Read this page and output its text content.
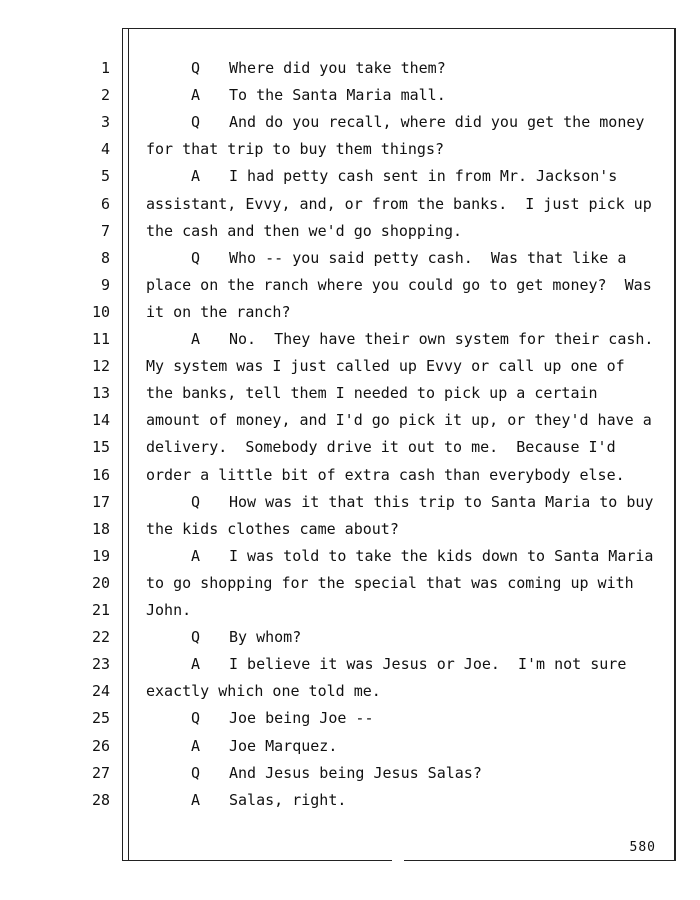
1	Q Where did you take them?
2	A To the Santa Maria mall.
3	Q And do you recall, where did you get the money
4 for that trip to buy them things?
5	A I had petty cash sent in from Mr. Jackson's
6 assistant, Evvy, and, or from the banks.  I just pick up
7 the cash and then we'd go shopping.
8	Q Who -- you said petty cash.  Was that like a
9 place on the ranch where you could go to get money?  Was
10 it on the ranch?
11	A No.  They have their own system for their cash.
12 My system was I just called up Evvy or call up one of
13 the banks, tell them I needed to pick up a certain
14 amount of money, and I'd go pick it up, or they'd have a
15 delivery.  Somebody drive it out to me.  Because I'd
16 order a little bit of extra cash than everybody else.
17	Q How was it that this trip to Santa Maria to buy
18 the kids clothes came about?
19	A I was told to take the kids down to Santa Maria
20 to go shopping for the special that was coming up with
21 John.
22	Q By whom?
23	A I believe it was Jesus or Joe.  I'm not sure
24 exactly which one told me.
25	Q Joe being Joe --
26	A Joe Marquez.
27	Q And Jesus being Jesus Salas?
28	A Salas, right.
580
